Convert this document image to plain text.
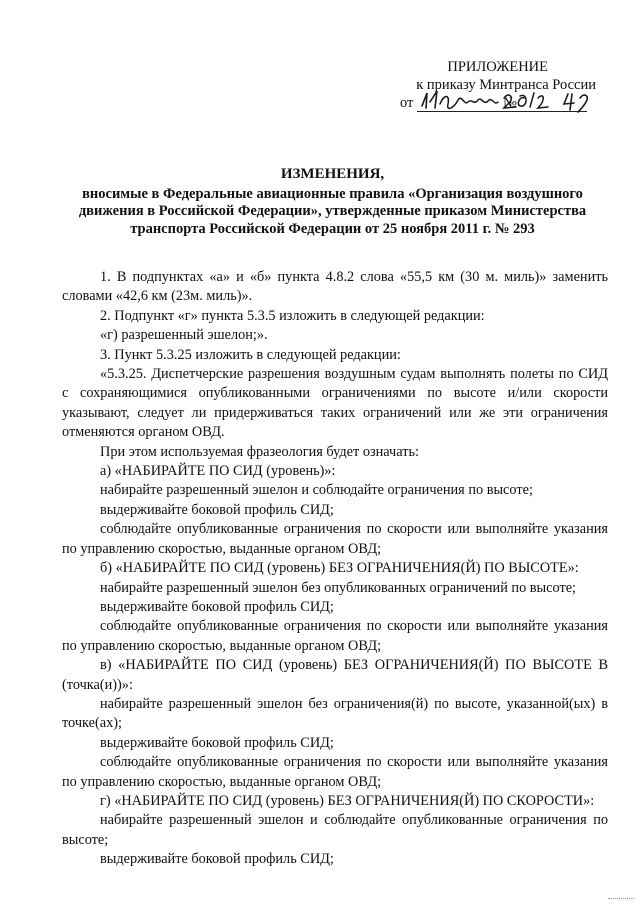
ПРИЛОЖЕНИЕ
к приказу Минтранса России
от	№
ИЗМЕНЕНИЯ,
вносимые в Федеральные авиационные правила «Организация воздушного
движения в Российской Федерации», утвержденные приказом Министерства
транспорта Российской Федерации от 25 ноября 2011 г. № 293

1. В подпунктах «а» и «б» пункта 4.8.2 слова «55,5 км (30 м. миль)» заменить словами «42,6 км (23м. миль)».

2. Подпункт «г» пункта 5.3.5 изложить в следующей редакции:

«г) разрешенный эшелон;».

3. Пункт 5.3.25 изложить в следующей редакции:

«5.3.25. Диспетчерские разрешения воздушным судам выполнять полеты по СИД с сохраняющимися опубликованными ограничениями по высоте и/или скорости указывают, следует ли придерживаться таких ограничений или же эти ограничения отменяются органом ОВД.

При этом используемая фразеология будет означать:

а) «НАБИРАЙТЕ ПО СИД (уровень)»:

набирайте разрешенный эшелон и соблюдайте ограничения по высоте;

выдерживайте боковой профиль СИД;

соблюдайте опубликованные ограничения по скорости или выполняйте указания по управлению скоростью, выданные органом ОВД;

б) «НАБИРАЙТЕ ПО СИД (уровень) БЕЗ ОГРАНИЧЕНИЯ(Й) ПО ВЫСОТЕ»:

набирайте разрешенный эшелон без опубликованных ограничений по высоте;

выдерживайте боковой профиль СИД;

соблюдайте опубликованные ограничения по скорости или выполняйте указания по управлению скоростью, выданные органом ОВД;

в) «НАБИРАЙТЕ ПО СИД (уровень) БЕЗ ОГРАНИЧЕНИЯ(Й) ПО ВЫСОТЕ В (точка(и))»:

набирайте разрешенный эшелон без ограничения(й) по высоте, указанной(ых) в точке(ах);

выдерживайте боковой профиль СИД;

соблюдайте опубликованные ограничения по скорости или выполняйте указания по управлению скоростью, выданные органом ОВД;

г) «НАБИРАЙТЕ ПО СИД (уровень) БЕЗ ОГРАНИЧЕНИЯ(Й) ПО СКОРОСТИ»:

набирайте разрешенный эшелон и соблюдайте опубликованные ограничения по высоте;

выдерживайте боковой профиль СИД;
